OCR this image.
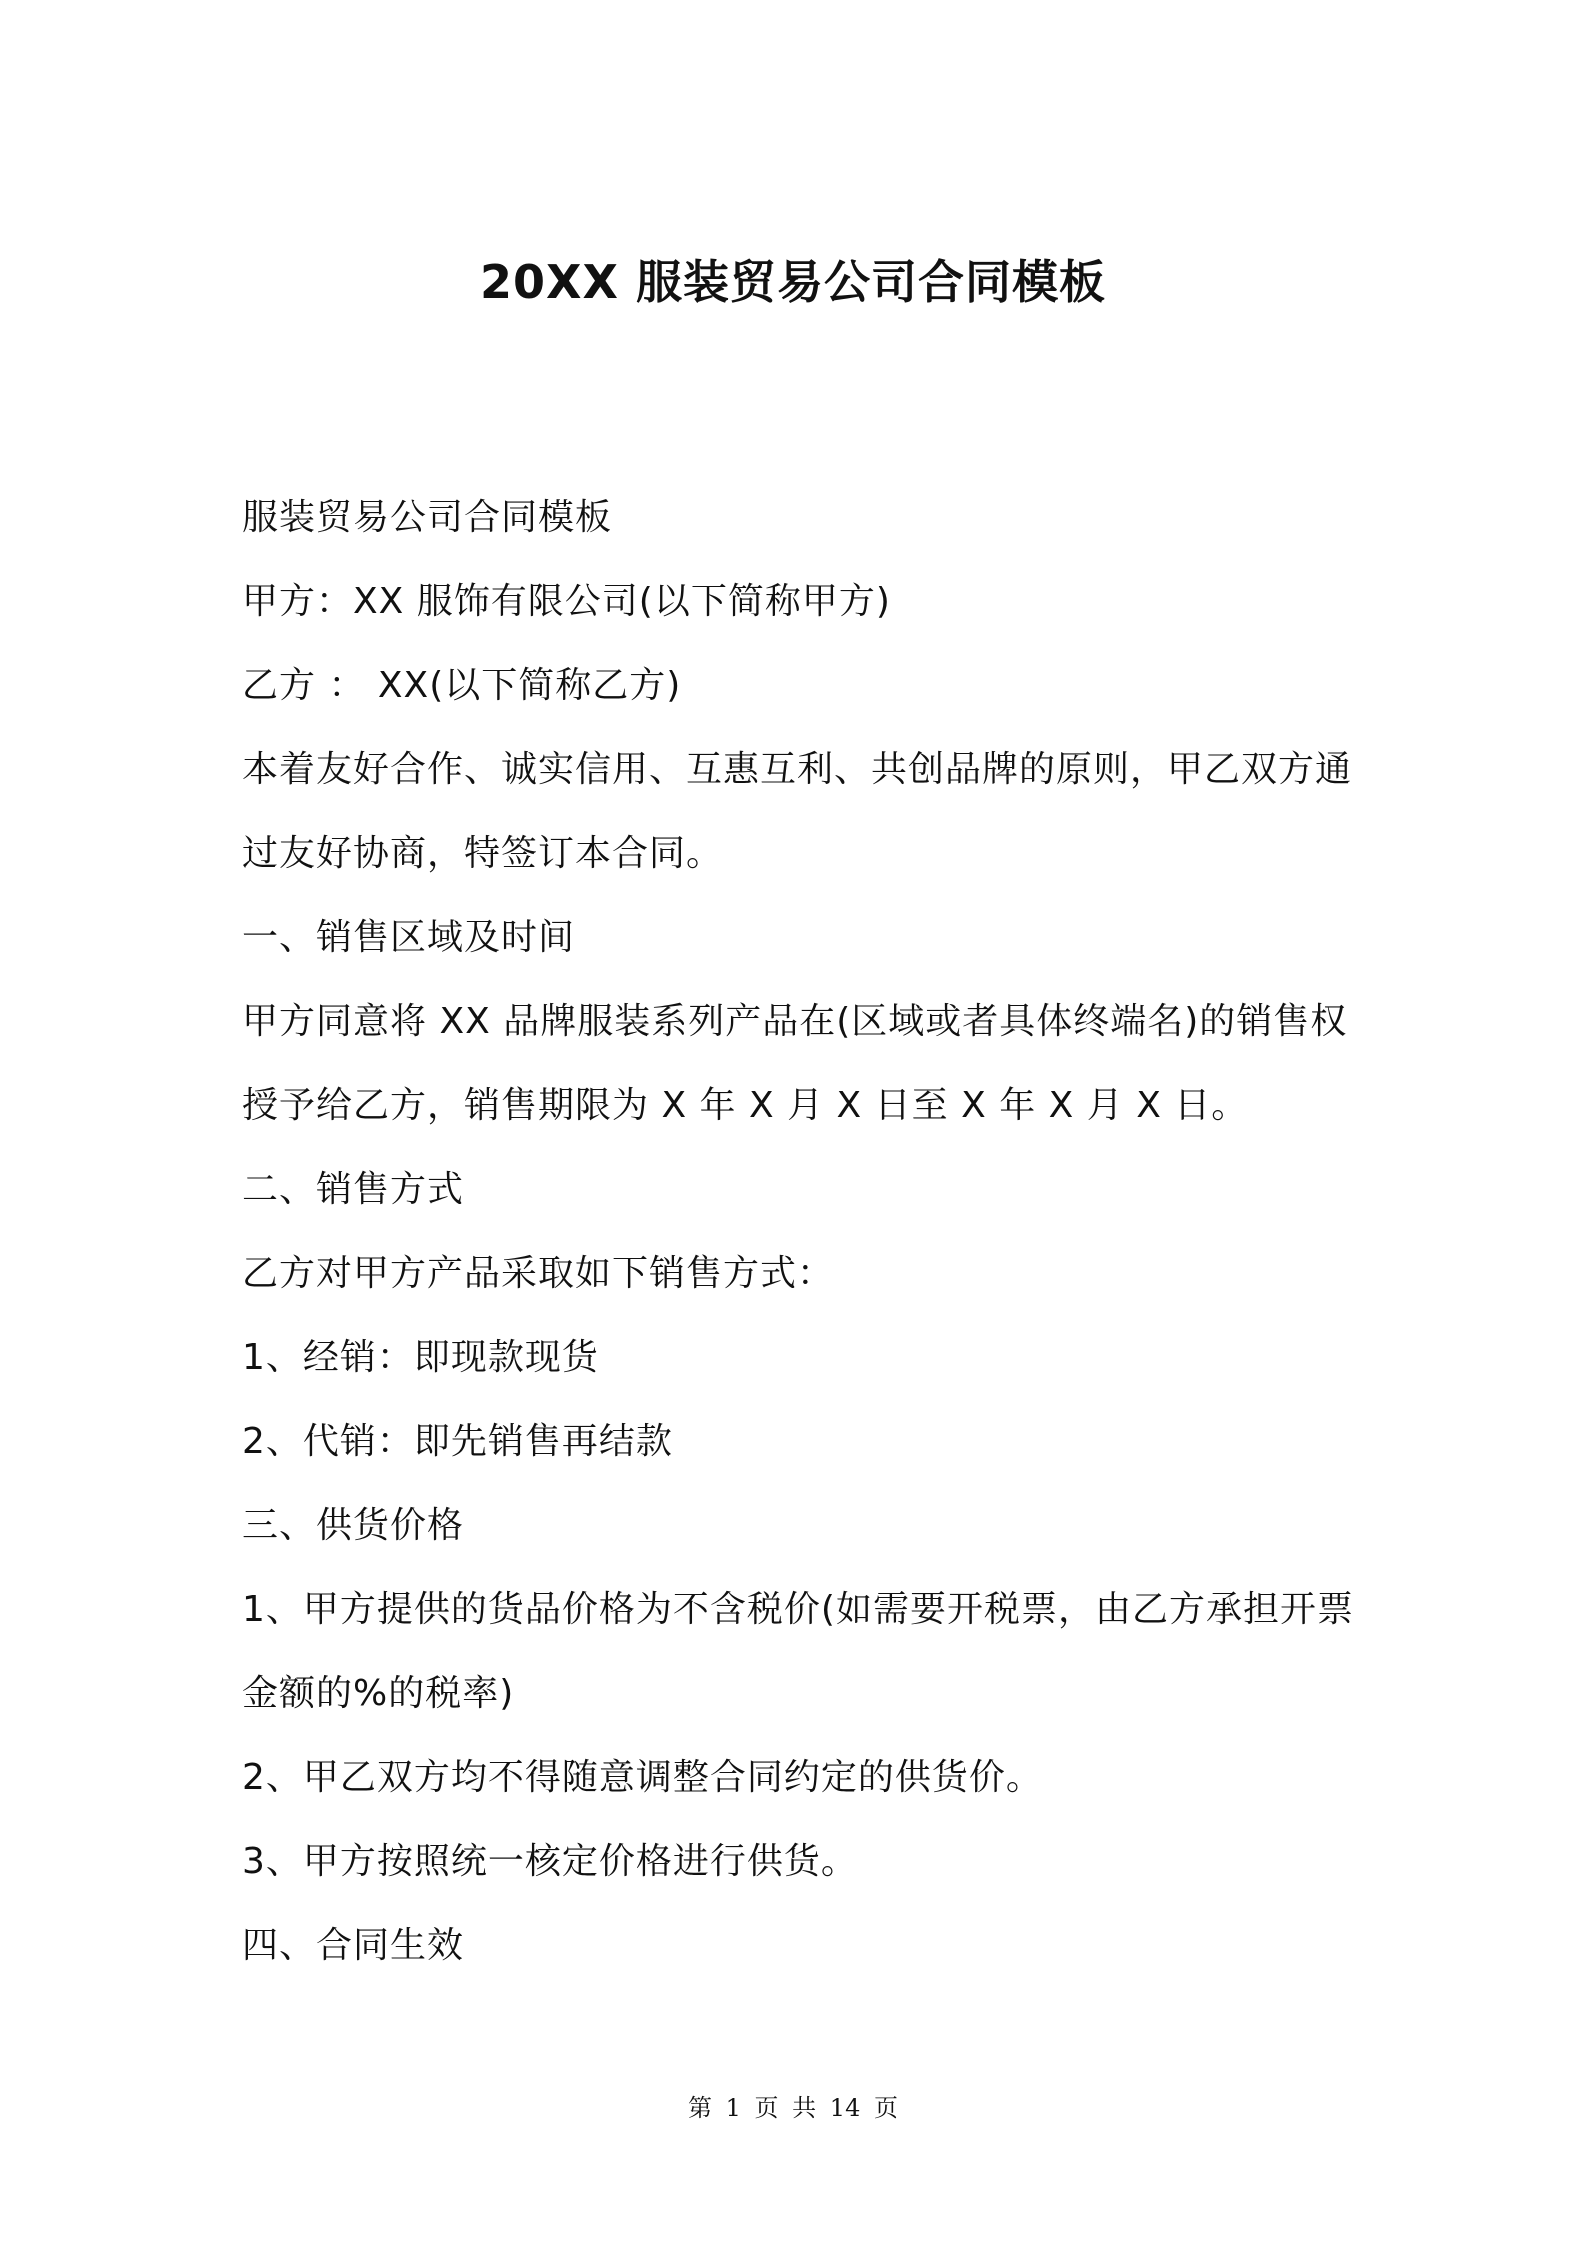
20XX 服装贸易公司合同模板
服装贸易公司合同模板
甲方：XX 服饰有限公司(以下简称甲方)
乙方 ： XX(以下简称乙方)
本着友好合作、诚实信用、互惠互利、共创品牌的原则，甲乙双方通
过友好协商，特签订本合同。
一、销售区域及时间
甲方同意将 XX 品牌服装系列产品在(区域或者具体终端名)的销售权
授予给乙方，销售期限为 X 年 X 月 X 日至 X 年 X 月 X 日。
二、销售方式
乙方对甲方产品采取如下销售方式：
1、经销：即现款现货
2、代销：即先销售再结款
三、供货价格
1、甲方提供的货品价格为不含税价(如需要开税票，由乙方承担开票
金额的%的税率)
2、甲乙双方均不得随意调整合同约定的供货价。
3、甲方按照统一核定价格进行供货。
四、合同生效
第 1 页 共 14 页
